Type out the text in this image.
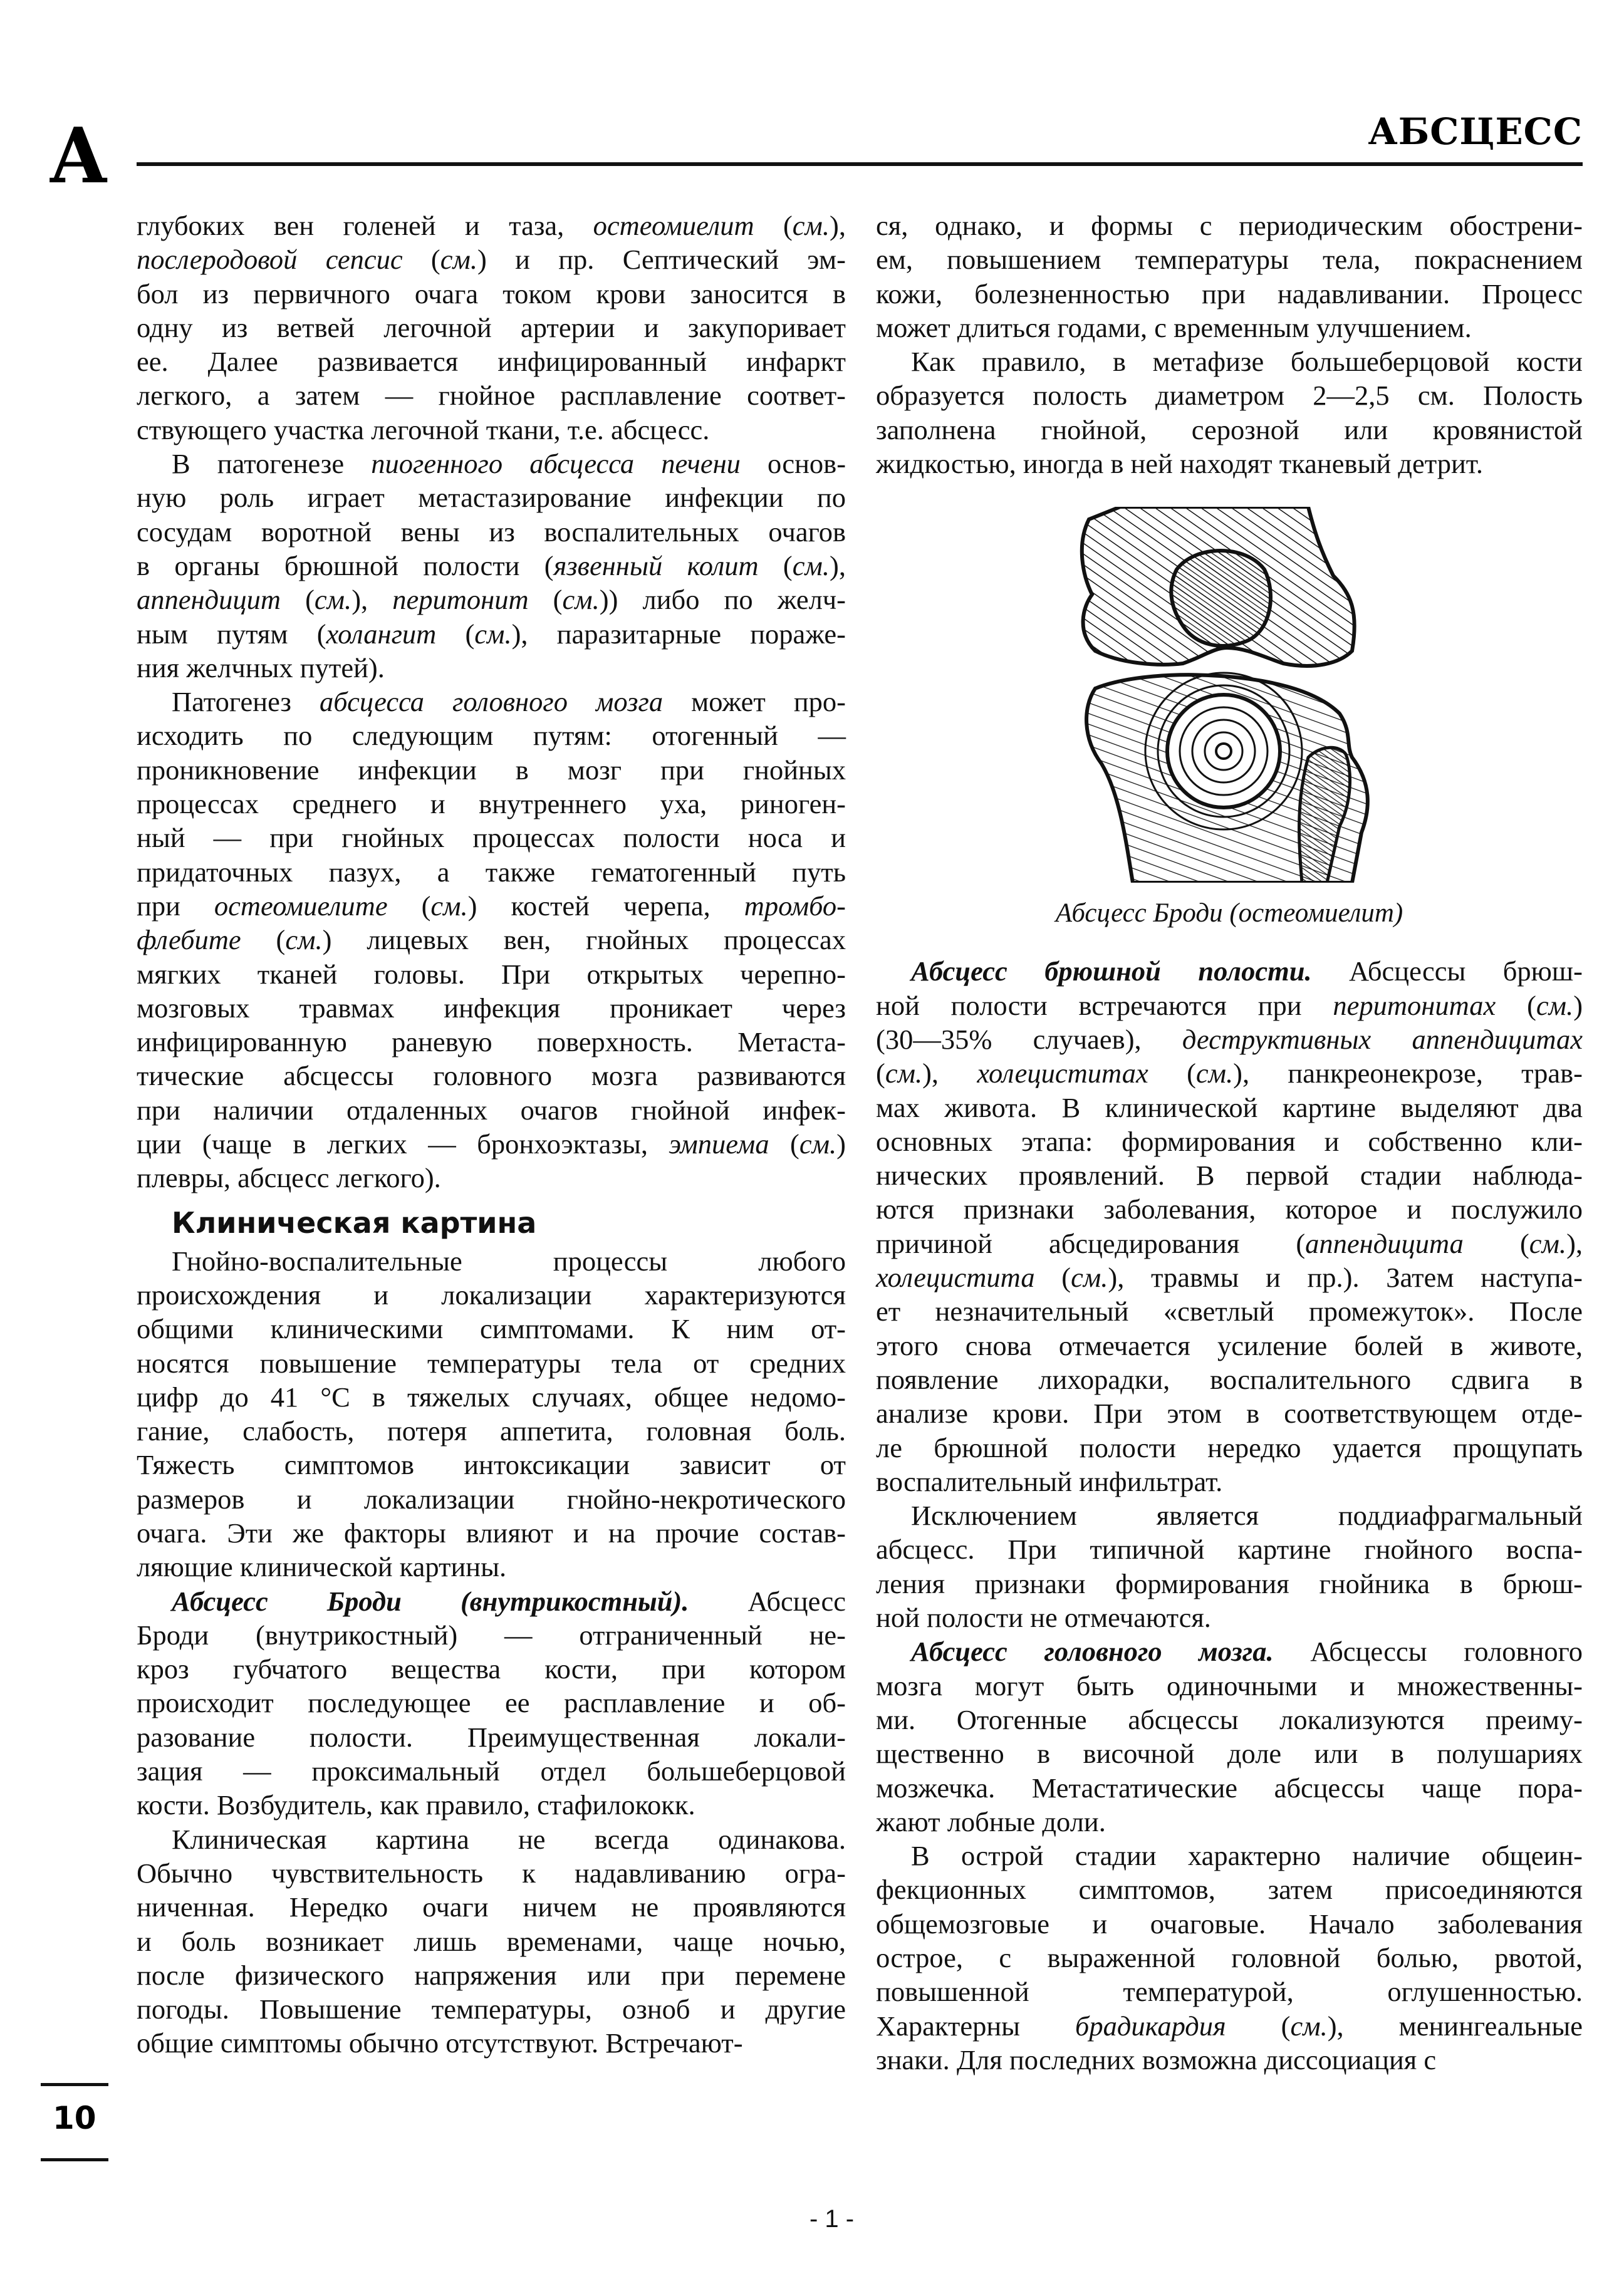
А	АБСЦЕСС
глубоких вен голеней и таза, остеомиелит (см.),
послеродовой сепсис (см.) и пр. Септический эм-
бол из первичного очага током крови заносится в
одну из ветвей легочной артерии и закупоривает
ее. Далее развивается инфицированный инфаркт
легкого, а затем — гнойное расплавление соответ-
ствующего участка легочной ткани, т.е. абсцесс.
В патогенезе пиогенного абсцесса печени основ-
ную роль играет метастазирование инфекции по
сосудам воротной вены из воспалительных очагов
в органы брюшной полости (язвенный колит (см.),
аппендицит (см.), перитонит (см.)) либо по желч-
ным путям (холангит (см.), паразитарные пораже-
ния желчных путей).
Патогенез абсцесса головного мозга может про-
исходить по следующим путям: отогенный —
проникновение инфекции в мозг при гнойных
процессах среднего и внутреннего уха, риноген-
ный — при гнойных процессах полости носа и
придаточных пазух, а также гематогенный путь
при остеомиелите (см.) костей черепа, тромбо-
флебите (см.) лицевых вен, гнойных процессах
мягких тканей головы. При открытых черепно-
мозговых травмах инфекция проникает через
инфицированную раневую поверхность. Метаста-
тические абсцессы головного мозга развиваются
при наличии отдаленных очагов гнойной инфек-
ции (чаще в легких — бронхоэктазы, эмпиема (см.)
плевры, абсцесс легкого).
Клиническая картина
Гнойно-воспалительные процессы любого
происхождения и локализации характеризуются
общими клиническими симптомами. К ним от-
носятся повышение температуры тела от средних
цифр до 41 °С в тяжелых случаях, общее недомо-
гание, слабость, потеря аппетита, головная боль.
Тяжесть симптомов интоксикации зависит от
размеров и локализации гнойно-некротического
очага. Эти же факторы влияют и на прочие состав-
ляющие клинической картины.
Абсцесс Броди (внутрикостный). Абсцесс
Броди (внутрикостный) — отграниченный не-
кроз губчатого вещества кости, при котором
происходит последующее ее расплавление и об-
разование полости. Преимущественная локали-
зация — проксимальный отдел большеберцовой
кости. Возбудитель, как правило, стафилококк.
Клиническая картина не всегда одинакова.
Обычно чувствительность к надавливанию огра-
ниченная. Нередко очаги ничем не проявляются
и боль возникает лишь временами, чаще ночью,
после физического напряжения или при перемене
погоды. Повышение температуры, озноб и другие
общие симптомы обычно отсутствуют. Встречают-
ся, однако, и формы с периодическим обострени-
ем, повышением температуры тела, покраснением
кожи, болезненностью при надавливании. Процесс
может длиться годами, с временным улучшением.
Как правило, в метафизе большеберцовой кости
образуется полость диаметром 2—2,5 см. Полость
заполнена гнойной, серозной или кровянистой
жидкостью, иногда в ней находят тканевый детрит.
Абсцесс Броди (остеомиелит)
Абсцесс брюшной полости. Абсцессы брюш-
ной полости встречаются при перитонитах (см.)
(30—35% случаев), деструктивных аппендицитах
(см.), холециститах (см.), панкреонекрозе, трав-
мах живота. В клинической картине выделяют два
основных этапа: формирования и собственно кли-
нических проявлений. В первой стадии наблюда-
ются признаки заболевания, которое и послужило
причиной абсцедирования (аппендицита (см.),
холецистита (см.), травмы и пр.). Затем наступа-
ет незначительный «светлый промежуток». После
этого снова отмечается усиление болей в животе,
появление лихорадки, воспалительного сдвига в
анализе крови. При этом в соответствующем отде-
ле брюшной полости нередко удается прощупать
воспалительный инфильтрат.
Исключением является поддиафрагмальный
абсцесс. При типичной картине гнойного воспа-
ления признаки формирования гнойника в брюш-
ной полости не отмечаются.
Абсцесс головного мозга. Абсцессы головного
мозга могут быть одиночными и множественны-
ми. Отогенные абсцессы локализуются преиму-
щественно в височной доле или в полушариях
мозжечка. Метастатические абсцессы чаще пора-
жают лобные доли.
В острой стадии характерно наличие общеин-
фекционных симптомов, затем присоединяются
общемозговые и очаговые. Начало заболевания
острое, с выраженной головной болью, рвотой,
повышенной температурой, оглушенностью.
Характерны брадикардия (см.), менингеальные
знаки. Для последних возможна диссоциация с
10
- 1 -
